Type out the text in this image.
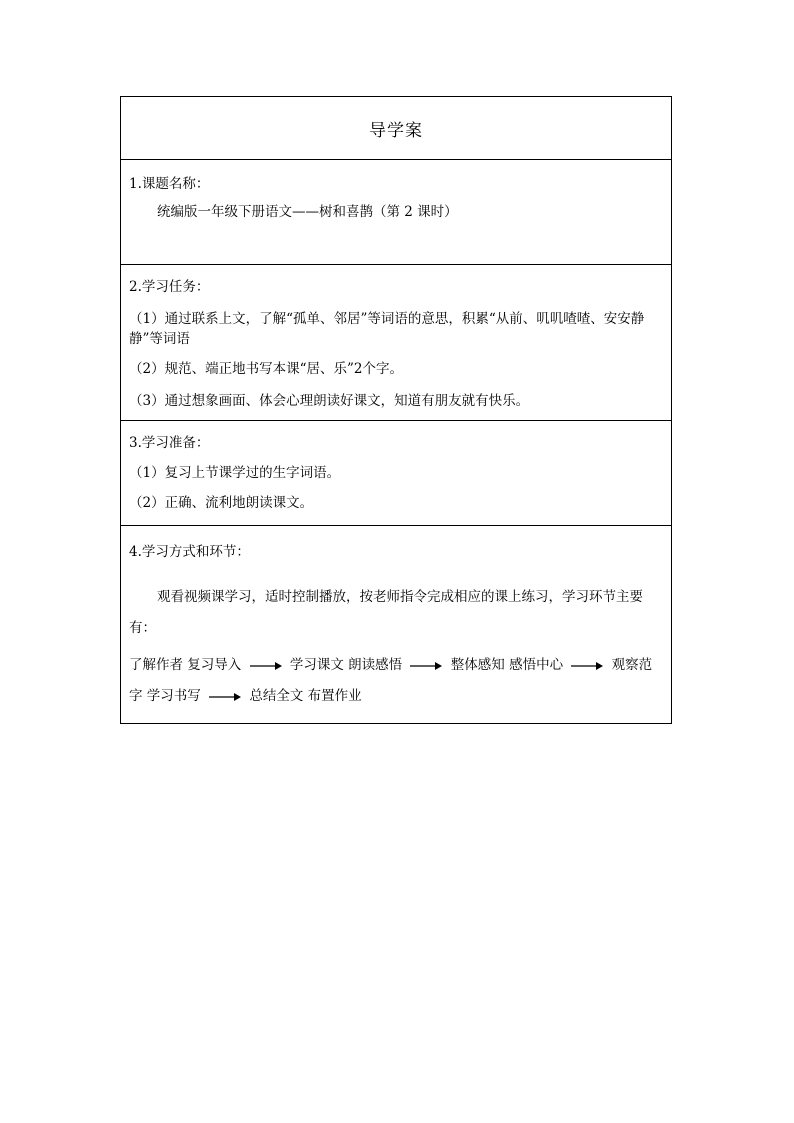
导学案
1.课题名称：
统编版一年级下册语文——树和喜鹊（第 2 课时）
2.学习任务：
（1）通过联系上文，了解“孤单、邻居”等词语的意思，积累“从前、叽叽喳喳、安安静静”等词语
（2）规范、端正地书写本课“居、乐”2个字。
（3）通过想象画面、体会心理朗读好课文，知道有朋友就有快乐。
3.学习准备：
（1）复习上节课学过的生字词语。
（2）正确、流利地朗读课文。
4.学习方式和环节：
观看视频课学习，适时控制播放，按老师指令完成相应的课上练习，学习环节主要有：
了解作者 复习导入	学习课文 朗读感悟	整体感知 感悟中心	观察范字 学习书写	总结全文 布置作业
